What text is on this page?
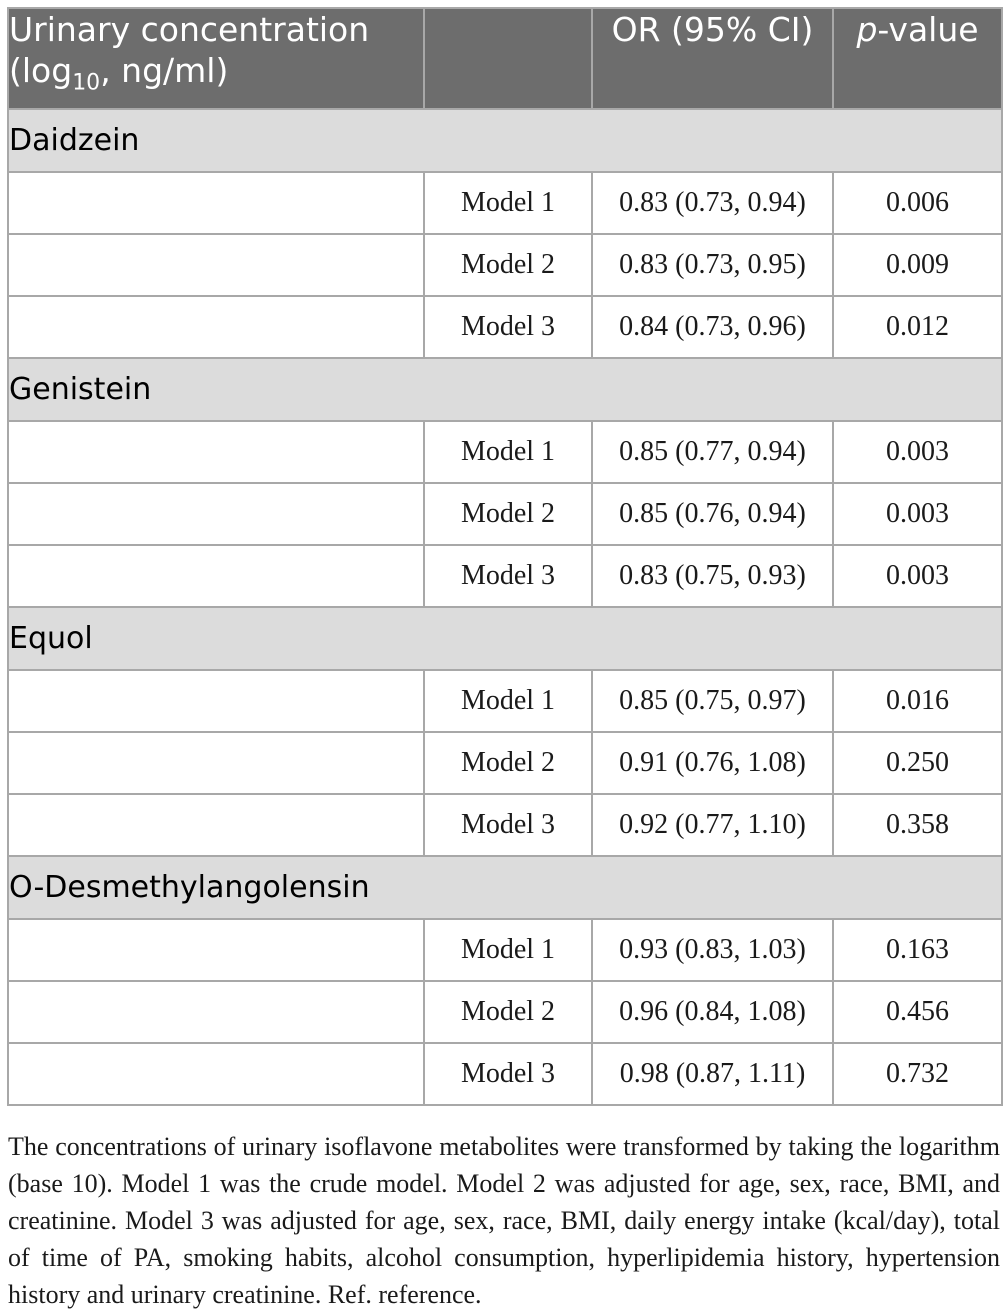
Urinary concentration
($\log_{10}$, ng/ml)		OR (95% CI)	p-value
Daidzein			
	Model 1	0.83 (0.73, 0.94)	0.006
	Model 2	0.83 (0.73, 0.95)	0.009
	Model 3	0.84 (0.73, 0.96)	0.012
Genistein			
	Model 1	0.85 (0.77, 0.94)	0.003
	Model 2	0.85 (0.76, 0.94)	0.003
	Model 3	0.83 (0.75, 0.93)	0.003
Equol			
	Model 1	0.85 (0.75, 0.97)	0.016
	Model 2	0.91 (0.76, 1.08)	0.250
	Model 3	0.92 (0.77, 1.10)	0.358
O-Desmethylangolensin			
	Model 1	0.93 (0.83, 1.03)	0.163
	Model 2	0.96 (0.84, 1.08)	0.456
	Model 3	0.98 (0.87, 1.11)	0.732

The concentrations of urinary isoflavone metabolites were transformed by taking the logarithm (base 10). Model 1 was the crude model. Model 2 was adjusted for age, sex, race, BMI, and creatinine. Model 3 was adjusted for age, sex, race, BMI, daily energy intake (kcal/day), total of time of PA, smoking habits, alcohol consumption, hyperlipidemia history, hypertension history and urinary creatinine. Ref. reference.
